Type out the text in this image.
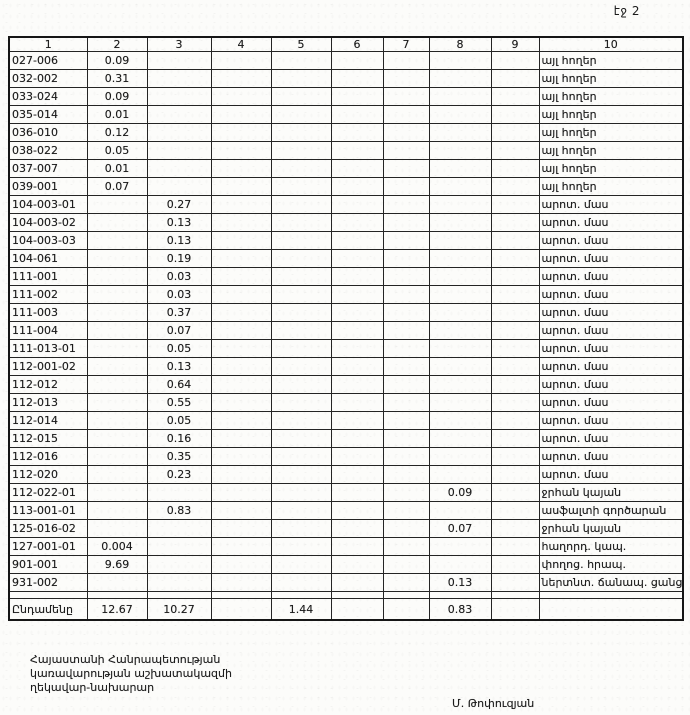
էջ 2
1	2	3	4	5	6	7	8	9	10
027-006	0.09								այլ հողեր
032-002	0.31								այլ հողեր
033-024	0.09								այլ հողեր
035-014	0.01								այլ հողեր
036-010	0.12								այլ հողեր
038-022	0.05								այլ հողեր
037-007	0.01								այլ հողեր
039-001	0.07								այլ հողեր
104-003-01		0.27							արոտ. մաս
104-003-02		0.13							արոտ. մաս
104-003-03		0.13							արոտ. մաս
104-061		0.19							արոտ. մաս
111-001		0.03							արոտ. մաս
111-002		0.03							արոտ. մաս
111-003		0.37							արոտ. մաս
111-004		0.07							արոտ. մաս
111-013-01		0.05							արոտ. մաս
112-001-02		0.13							արոտ. մաս
112-012		0.64							արոտ. մաս
112-013		0.55							արոտ. մաս
112-014		0.05							արոտ. մաս
112-015		0.16							արոտ. մաս
112-016		0.35							արոտ. մաս
112-020		0.23							արոտ. մաս
112-022-01							0.09		ջրհան կայան

113-001-01		0.83							ասֆալտի գործարան
125-016-02							0.07		ջրհան կայան

127-001-01	0.004								հաղորդ. կապ.
901-001	9.69								փողոց. հրապ.

931-002							0.13		ներտնտ. ճանապ. ցանց

Ընդամենը	12.67	10.27		1.44			0.83		
Հայաստանի Հանրապետության
կառավարության աշխատակազմի
ղեկավար-նախարար
Մ. Թոփուզյան
